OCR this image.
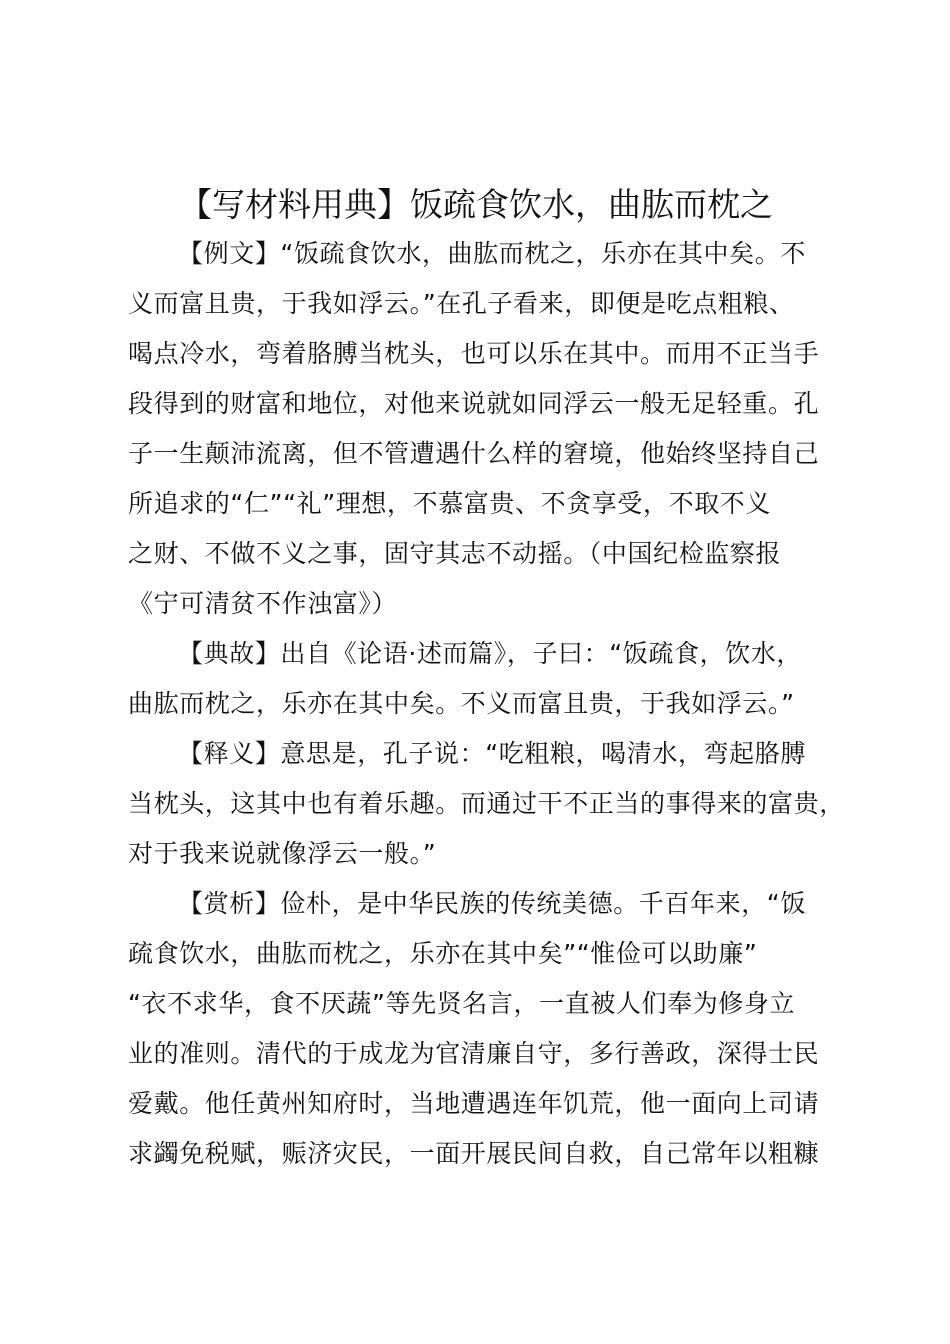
【写材料用典】饭疏食饮水，曲肱而枕之
【例文】“饭疏食饮水，曲肱而枕之，乐亦在其中矣。不
义而富且贵，于我如浮云。”在孔子看来，即便是吃点粗粮、
喝点冷水，弯着胳膊当枕头，也可以乐在其中。而用不正当手
段得到的财富和地位，对他来说就如同浮云一般无足轻重。孔
子一生颠沛流离，但不管遭遇什么样的窘境，他始终坚持自己
所追求的“仁”“礼”理想，不慕富贵、不贪享受，不取不义
之财、不做不义之事，固守其志不动摇。（中国纪检监察报
《宁可清贫不作浊富》）
【典故】出自《论语·述而篇》，子曰：“饭疏食，饮水，
曲肱而枕之，乐亦在其中矣。不义而富且贵，于我如浮云。”
【释义】意思是，孔子说：“吃粗粮，喝清水，弯起胳膊
当枕头，这其中也有着乐趣。而通过干不正当的事得来的富贵，
对于我来说就像浮云一般。”
【赏析】俭朴，是中华民族的传统美德。千百年来，“饭
疏食饮水，曲肱而枕之，乐亦在其中矣”“惟俭可以助廉”
“衣不求华，食不厌蔬”等先贤名言，一直被人们奉为修身立
业的准则。清代的于成龙为官清廉自守，多行善政，深得士民
爱戴。他任黄州知府时，当地遭遇连年饥荒，他一面向上司请
求蠲免税赋，赈济灾民，一面开展民间自救，自己常年以粗糠
